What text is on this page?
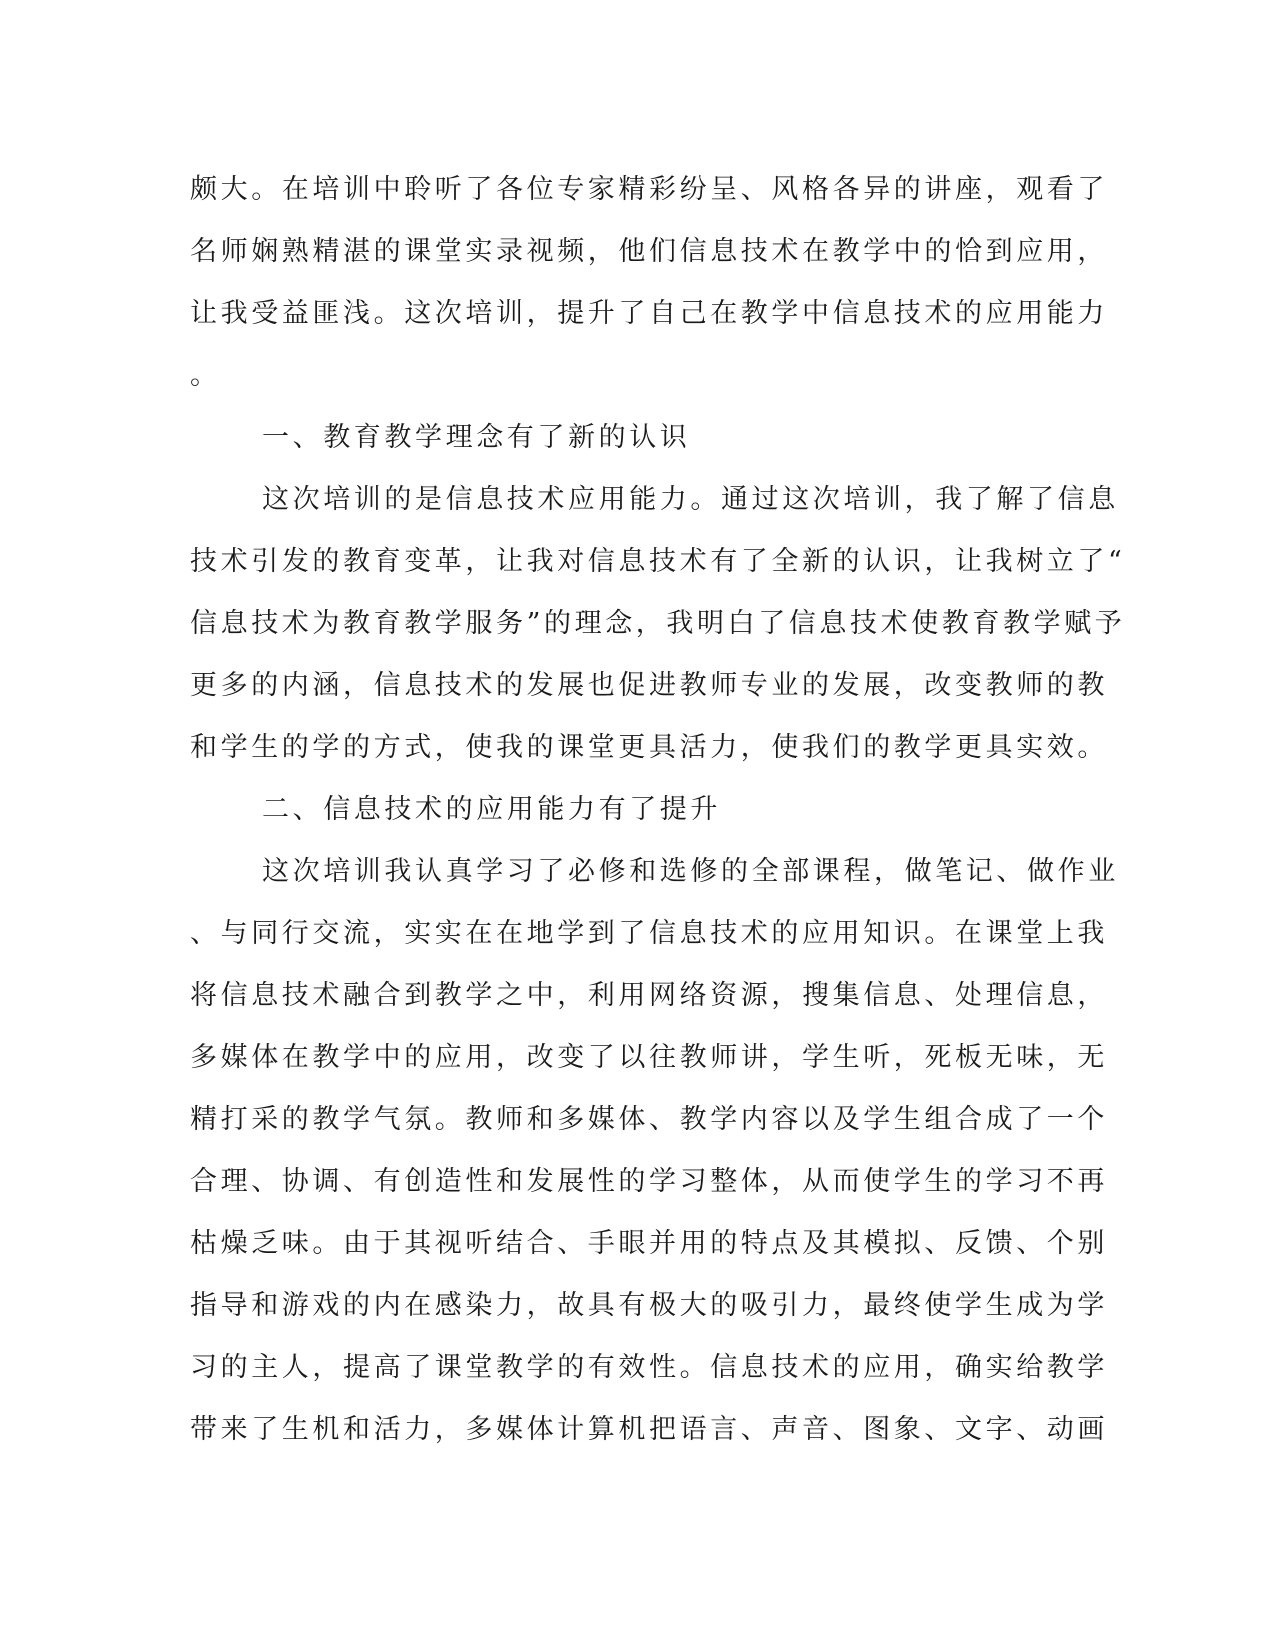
颇大。在培训中聆听了各位专家精彩纷呈、风格各异的讲座，观看了
名师娴熟精湛的课堂实录视频，他们信息技术在教学中的恰到应用，
让我受益匪浅。这次培训，提升了自己在教学中信息技术的应用能力
。
一、教育教学理念有了新的认识
这次培训的是信息技术应用能力。通过这次培训，我了解了信息
技术引发的教育变革，让我对信息技术有了全新的认识，让我树立了“
信息技术为教育教学服务”的理念，我明白了信息技术使教育教学赋予
更多的内涵，信息技术的发展也促进教师专业的发展，改变教师的教
和学生的学的方式，使我的课堂更具活力，使我们的教学更具实效。
二、信息技术的应用能力有了提升
这次培训我认真学习了必修和选修的全部课程，做笔记、做作业
、与同行交流，实实在在地学到了信息技术的应用知识。在课堂上我
将信息技术融合到教学之中，利用网络资源，搜集信息、处理信息，
多媒体在教学中的应用，改变了以往教师讲，学生听，死板无味，无
精打采的教学气氛。教师和多媒体、教学内容以及学生组合成了一个
合理、协调、有创造性和发展性的学习整体，从而使学生的学习不再
枯燥乏味。由于其视听结合、手眼并用的特点及其模拟、反馈、个别
指导和游戏的内在感染力，故具有极大的吸引力，最终使学生成为学
习的主人，提高了课堂教学的有效性。信息技术的应用，确实给教学
带来了生机和活力，多媒体计算机把语言、声音、图象、文字、动画
